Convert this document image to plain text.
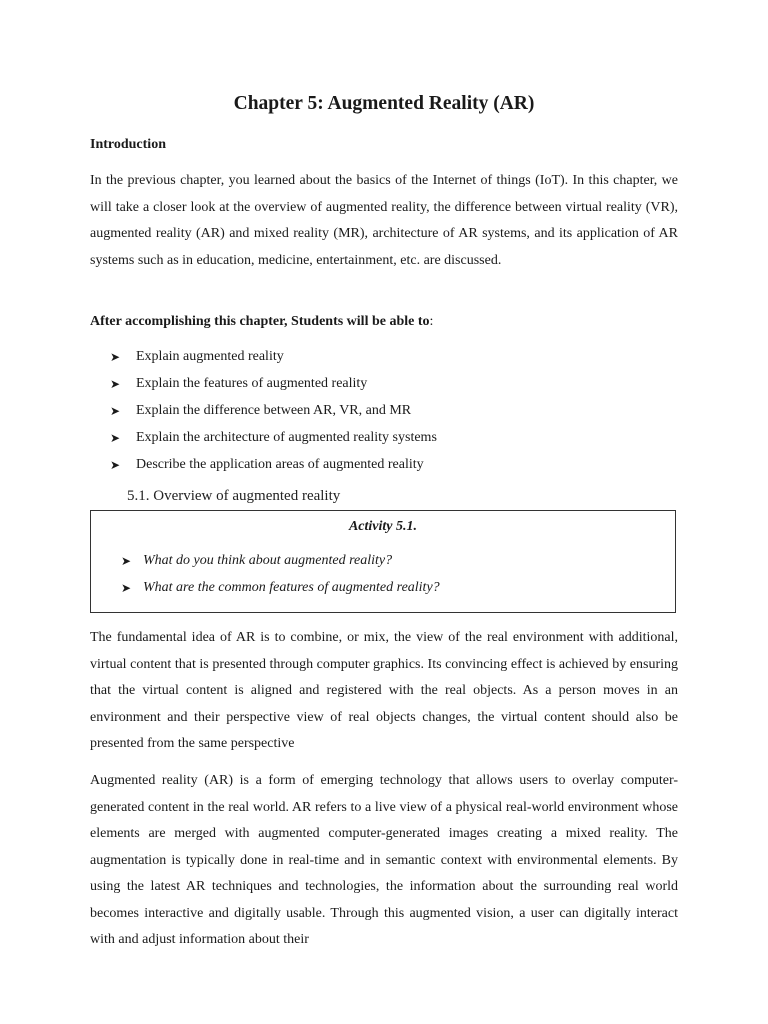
Chapter 5: Augmented Reality (AR)

Introduction

In the previous chapter, you learned about the basics of the Internet of things (IoT). In this chapter, we will take a closer look at the overview of augmented reality, the difference between virtual reality (VR), augmented reality (AR) and mixed reality (MR), architecture of AR systems, and its application of AR systems such as in education, medicine, entertainment, etc. are discussed.

After accomplishing this chapter, Students will be able to:

➤	Explain augmented reality
➤	Explain the features of augmented reality
➤	Explain the difference between AR, VR, and MR
➤	Explain the architecture of augmented reality systems
➤	Describe the application areas of augmented reality

5.1. Overview of augmented reality

Activity 5.1.

➤ What do you think about augmented reality?
➤ What are the common features of augmented reality?

The fundamental idea of AR is to combine, or mix, the view of the real environment with additional, virtual content that is presented through computer graphics. Its convincing effect is achieved by ensuring that the virtual content is aligned and registered with the real objects. As a person moves in an environment and their perspective view of real objects changes, the virtual content should also be presented from the same perspective

Augmented reality (AR) is a form of emerging technology that allows users to overlay computer-generated content in the real world. AR refers to a live view of a physical real-world environment whose elements are merged with augmented computer-generated images creating a mixed reality. The augmentation is typically done in real-time and in semantic context with environmental elements. By using the latest AR techniques and technologies, the information about the surrounding real world becomes interactive and digitally usable. Through this augmented vision, a user can digitally interact with and adjust information about their
